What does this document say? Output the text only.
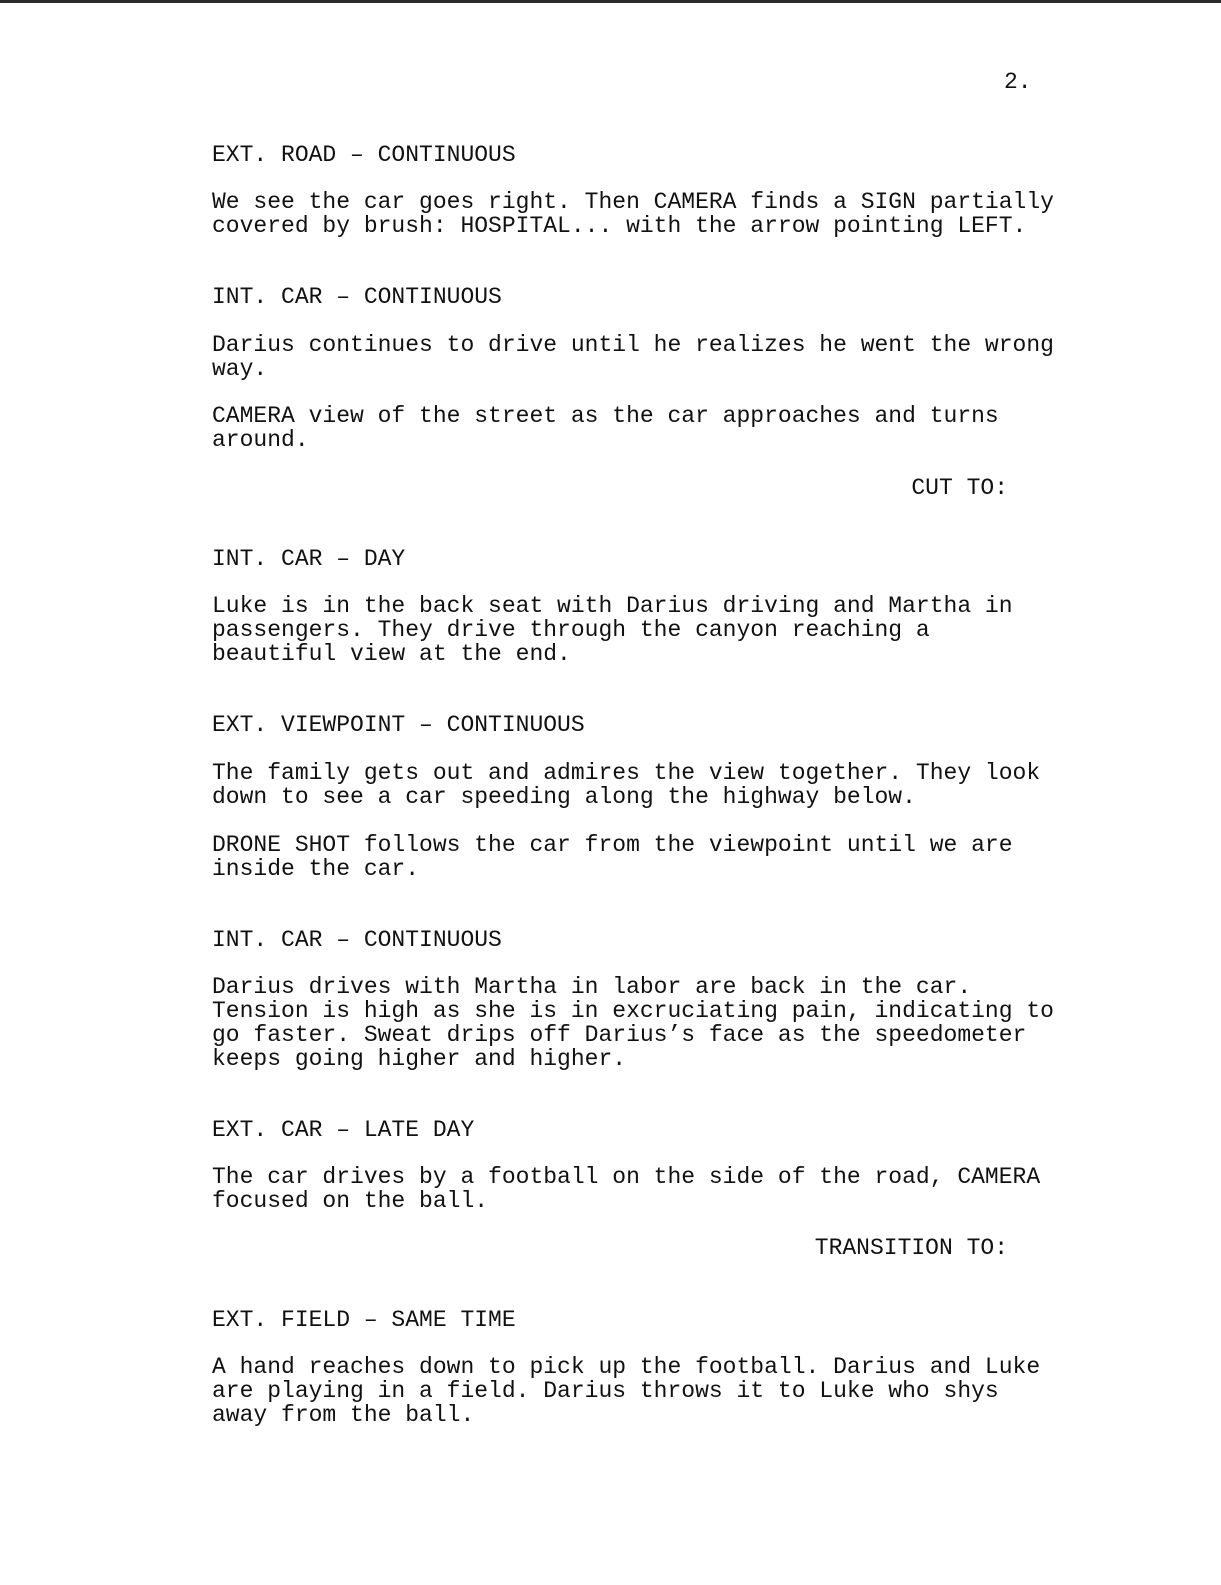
2.
EXT. ROAD – CONTINUOUS
We see the car goes right. Then CAMERA finds a SIGN partially
covered by brush: HOSPITAL... with the arrow pointing LEFT.
INT. CAR – CONTINUOUS
Darius continues to drive until he realizes he went the wrong
way.
CAMERA view of the street as the car approaches and turns
around.
CUT TO:
INT. CAR – DAY
Luke is in the back seat with Darius driving and Martha in
passengers. They drive through the canyon reaching a
beautiful view at the end.
EXT. VIEWPOINT – CONTINUOUS
The family gets out and admires the view together. They look
down to see a car speeding along the highway below.
DRONE SHOT follows the car from the viewpoint until we are
inside the car.
INT. CAR – CONTINUOUS
Darius drives with Martha in labor are back in the car.
Tension is high as she is in excruciating pain, indicating to
go faster. Sweat drips off Darius’s face as the speedometer
keeps going higher and higher.
EXT. CAR – LATE DAY
The car drives by a football on the side of the road, CAMERA
focused on the ball.
TRANSITION TO:
EXT. FIELD – SAME TIME
A hand reaches down to pick up the football. Darius and Luke
are playing in a field. Darius throws it to Luke who shys
away from the ball.
